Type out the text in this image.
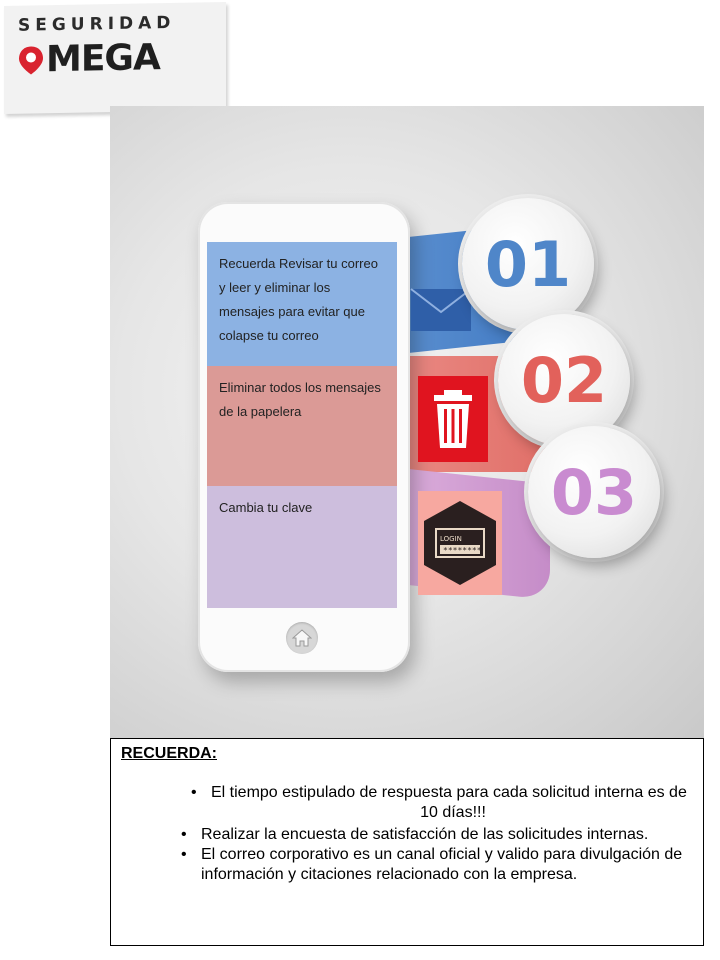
SEGURIDAD
MEGA
Recuerda Revisar tu correo y leer y eliminar los mensajes para evitar que colapse tu correo
Eliminar todos los mensajes de la papelera
Cambia tu clave
LOGIN
********
01
02
03
RECUERDA:
• El tiempo estipulado de respuesta para cada solicitud interna es de
10 días!!!
• Realizar la encuesta de satisfacción de las solicitudes internas.
• El correo corporativo es un canal oficial y valido para divulgación de información y citaciones relacionado con la empresa.
